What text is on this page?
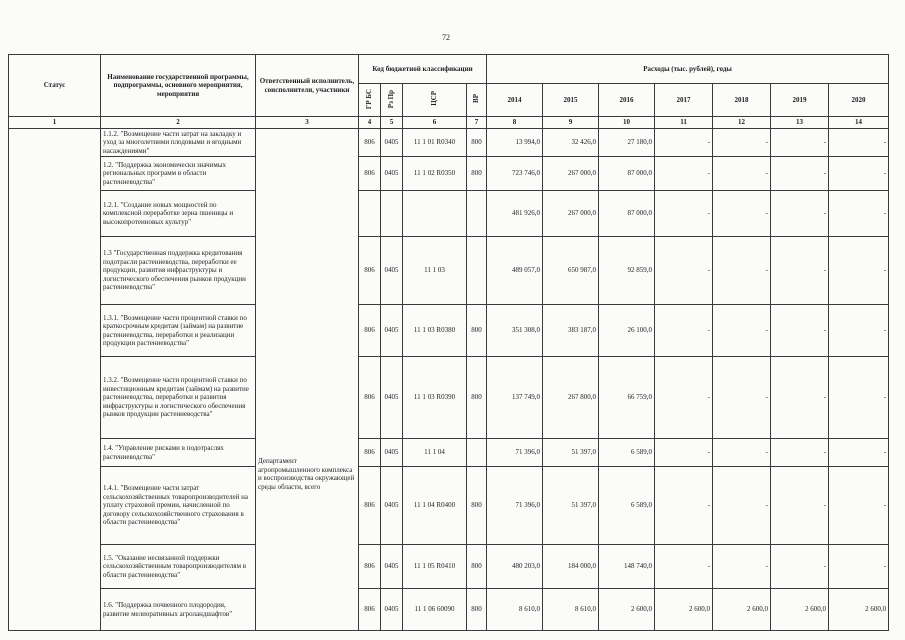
72
Статус	Наименование государственной программы, подпрограммы, основного мероприятия, мероприятия	Ответственный исполнитель, соисполнители, участники	Код бюджетной классификации				Расходы (тыс. рублей), годы						
			ГР БС	Рз Пр	ЦСР	ВР	2014	2015	2016	2017	2018	2019	2020
1	2	3	4	5	6	7	8	9	10	11	12	13	14
	1.1.2. "Возмещение части затрат на закладку и уход за многолетними плодовыми и ягодными насаждениями"	Департамент агропромышленного комплекса и воспроизводства окружающей среды области, всего	806	0405	11 1 01 R0340	800	13 994,0	32 426,0	27 180,0	-	-	-	-
	1.2. "Поддержка экономически значимых региональных программ в области растениеводства"		806	0405	11 1 02 R0350	800	723 746,0	267 000,0	87 000,0	-	-	-	-
	1.2.1. "Создание новых мощностей по комплексной переработке зерна пшеницы и высокопротеиновых культур"						481 926,0	267 000,0	87 000,0	-	-	-	-
	1.3 "Государственная поддержка кредитования подотрасли растениеводства, переработки ее продукции, развития инфраструктуры и логистического обеспечения рынков продукции растениеводства"		806	0405	11 1 03		489 057,0	650 987,0	92 859,0	-	-	-	-
	1.3.1. "Возмещение части процентной ставки по краткосрочным кредитам (займам) на развитие растениеводства, переработки и реализации продукции растениеводства"		806	0405	11 1 03 R0380	800	351 308,0	383 187,0	26 100,0	-	-	-	-
	1.3.2. "Возмещение части процентной ставки по инвестиционным кредитам (займам) на развитие растениеводства, переработки и развития инфраструктуры и логистического обеспечения рынков продукции растениеводства"		806	0405	11 1 03 R0390	800	137 749,0	267 800,0	66 759,0	-	-	-	-
	1.4. "Управление рисками в подотраслях растениеводства"		806	0405	11 1 04		71 396,0	51 397,0	6 589,0	-	-	-	-
	1.4.1. "Возмещение части затрат сельскохозяйственных товаропроизводителей на уплату страховой премии, начисленной по договору сельскохозяйственного страхования в области растениеводства"		806	0405	11 1 04 R0400	800	71 396,0	51 397,0	6 589,0	-	-	-	-
	1.5. "Оказание несвязанной поддержки сельскохозяйственным товаропроизводителям в области растениеводства"		806	0405	11 1 05 R0410	800	480 203,0	184 000,0	148 740,0	-	-	-	-
	1.6. "Поддержка почвенного плодородия, развитие мелиоративных агроландшафтов"		806	0405	11 1 06 60090	800	8 610,0	8 610,0	2 600,0	2 600,0	2 600,0	2 600,0	2 600,0
